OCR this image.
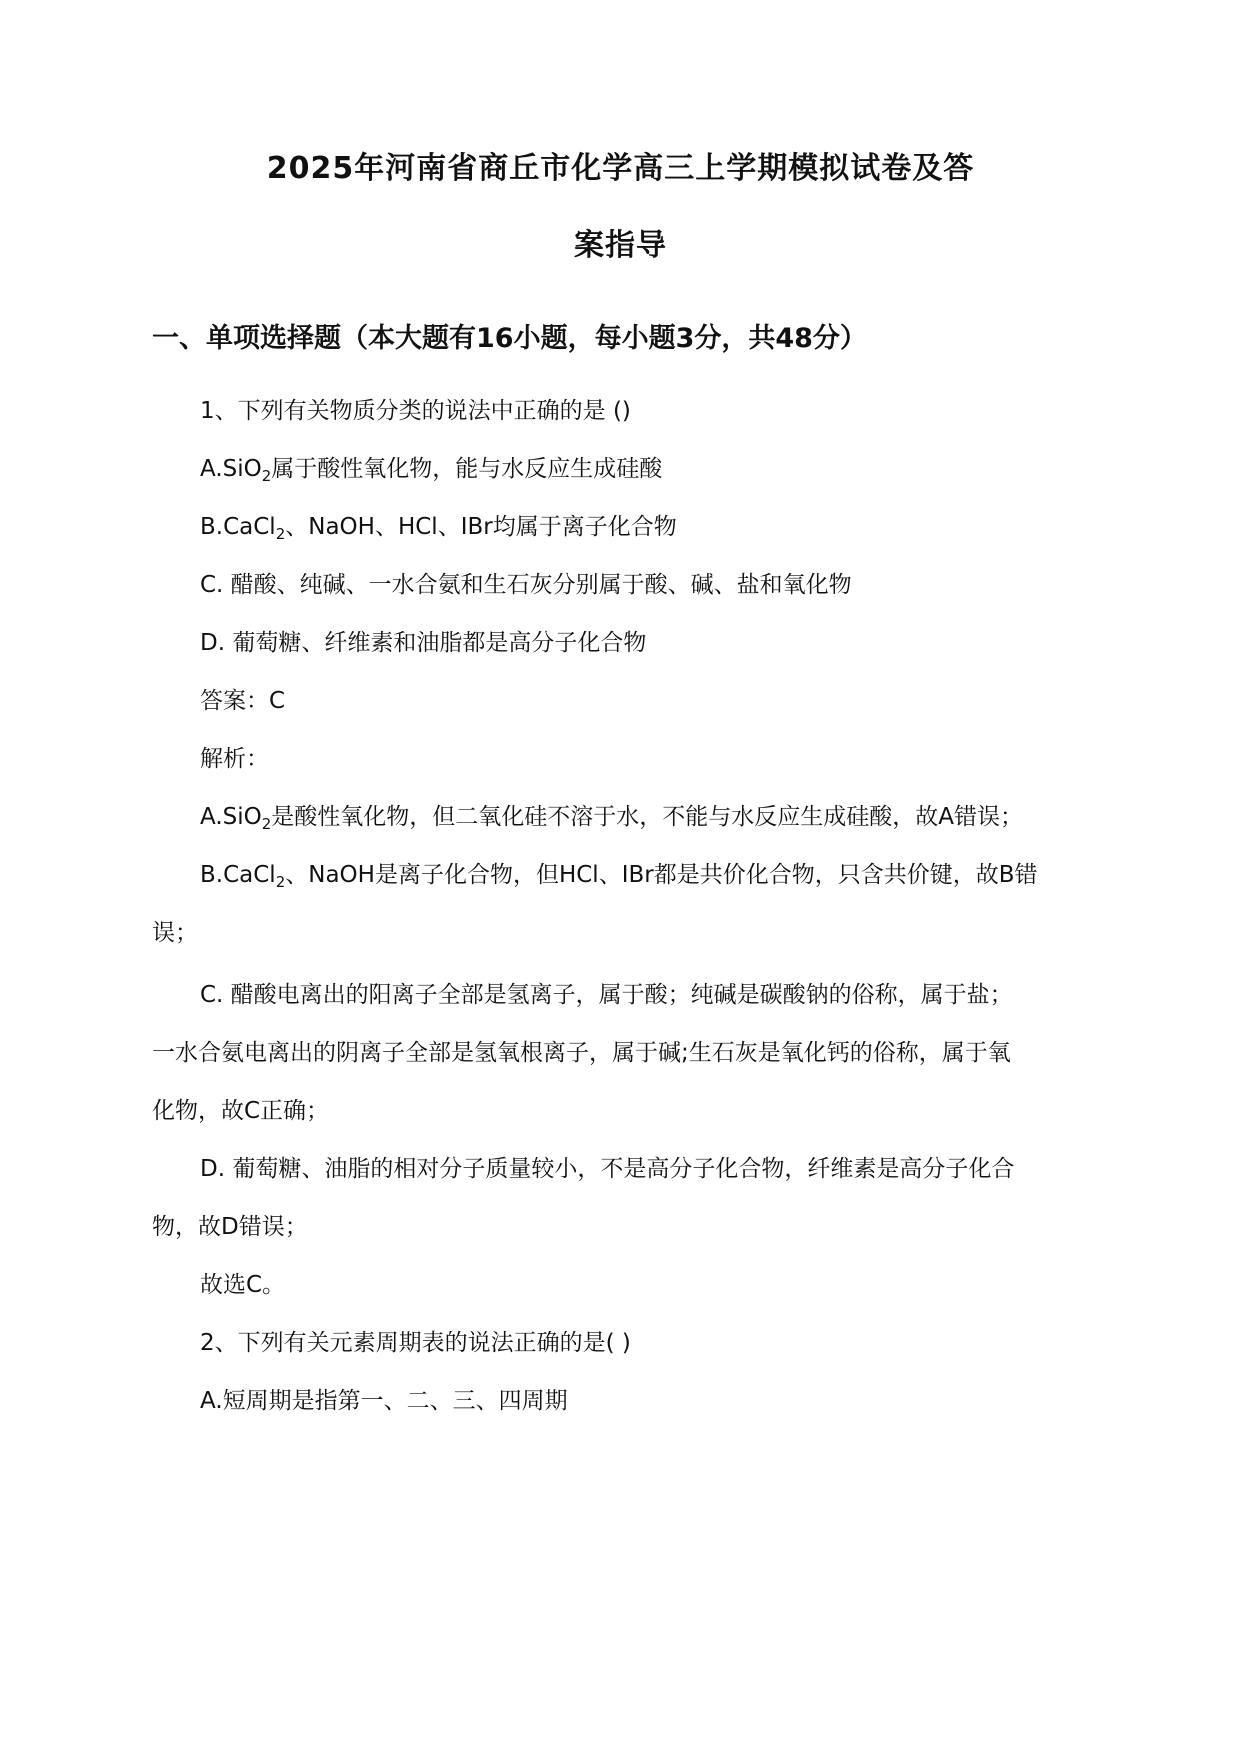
2025年河南省商丘市化学高三上学期模拟试卷及答
案指导
一、单项选择题（本大题有16小题，每小题3分，共48分）
1、下列有关物质分类的说法中正确的是 ()
A.SiO$_2$属于酸性氧化物，能与水反应生成硅酸
B.CaCl$_2$、NaOH、HCl、IBr均属于离子化合物
C. 醋酸、纯碱、一水合氨和生石灰分别属于酸、碱、盐和氧化物
D. 葡萄糖、纤维素和油脂都是高分子化合物
答案：C
解析：
A.SiO$_2$是酸性氧化物，但二氧化硅不溶于水，不能与水反应生成硅酸，故A错误；
B.CaCl$_2$、NaOH是离子化合物，但HCl、IBr都是共价化合物，只含共价键，故B错
误；
C. 醋酸电离出的阳离子全部是氢离子，属于酸；纯碱是碳酸钠的俗称，属于盐；
一水合氨电离出的阴离子全部是氢氧根离子，属于碱;生石灰是氧化钙的俗称，属于氧
化物，故C正确；
D. 葡萄糖、油脂的相对分子质量较小，不是高分子化合物，纤维素是高分子化合
物，故D错误；
故选C。
2、下列有关元素周期表的说法正确的是( )
A.短周期是指第一、二、三、四周期
